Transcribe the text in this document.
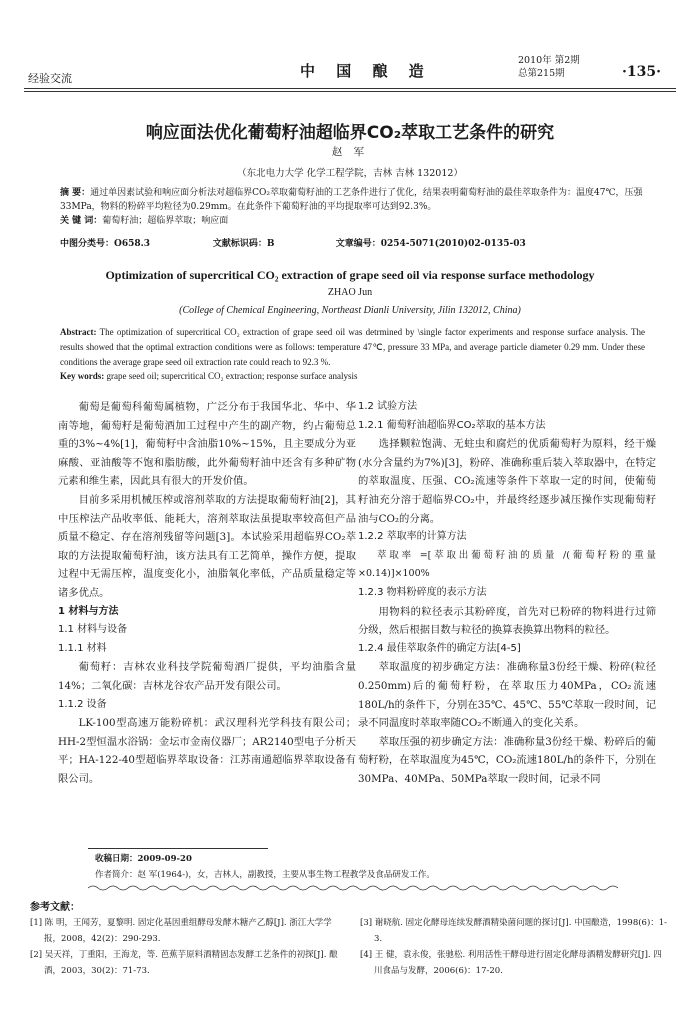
经验交流	中 国 酿 造
2010年 第2期
总第215期	·135·
响应面法优化葡萄籽油超临界CO₂萃取工艺条件的研究
赵 军
（东北电力大学 化学工程学院，吉林 吉林 132012）
摘 要：通过单因素试验和响应面分析法对超临界CO₂萃取葡萄籽油的工艺条件进行了优化，结果表明葡萄籽油的最佳萃取条件为：温度47℃，压强33MPa，物料的粉碎平均粒径为0.29mm。在此条件下葡萄籽油的平均提取率可达到92.3%。
关 键 词：葡萄籽油；超临界萃取；响应面
中图分类号：O658.3	文献标识码：B	文章编号：0254-5071(2010)02-0135-03
Optimization of supercritical CO₂ extraction of grape seed oil via response surface methodology
ZHAO Jun
(College of Chemical Engineering, Northeast Dianli University, Jilin 132012, China)
Abstract: The optimization of supercritical CO₂ extraction of grape seed oil was detrmined by \single factor experiments and response surface analysis. The results showed that the optimal extraction conditions were as follows: temperature 47℃, pressure 33 MPa, and average particle diameter 0.29 mm. Under these conditions the average grape seed oil extraction rate could reach to 92.3 %.
Key words: grape seed oil; supercritical CO₂ extraction; response surface analysis

葡萄是葡萄科葡萄属植物，广泛分布于我国华北、华中、华南等地，葡萄籽是葡萄酒加工过程中产生的副产物，约占葡萄总重的3%~4%[1]，葡萄籽中含油脂10%~15%，且主要成分为亚麻酸、亚油酸等不饱和脂肪酸，此外葡萄籽油中还含有多种矿物元素和维生素，因此具有很大的开发价值。

目前多采用机械压榨或溶剂萃取的方法提取葡萄籽油[2]，其中压榨法产品收率低、能耗大，溶剂萃取法虽提取率较高但产品质量不稳定、存在溶剂残留等问题[3]。本试验采用超临界CO₂萃取的方法提取葡萄籽油，该方法具有工艺简单，操作方便，提取过程中无需压榨，温度变化小，油脂氧化率低，产品质量稳定等诸多优点。

1 材料与方法

1.1 材料与设备

1.1.1 材料

葡萄籽：吉林农业科技学院葡萄酒厂提供，平均油脂含量14%；二氧化碳：吉林龙谷农产品开发有限公司。

1.1.2 设备

LK-100型高速万能粉碎机：武汉理科光学科技有限公司；HH-2型恒温水浴锅：金坛市金南仪器厂；AR2140型电子分析天平；HA-122-40型超临界萃取设备：江苏南通超临界萃取设备有限公司。

1.2 试验方法

1.2.1 葡萄籽油超临界CO₂萃取的基本方法

选择颗粒饱满、无蛀虫和腐烂的优质葡萄籽为原料，经干燥(水分含量约为7%)[3]，粉碎、准确称重后装入萃取器中，在特定的萃取温度、压强、CO₂流速等条件下萃取一定的时间，使葡萄籽油充分溶于超临界CO₂中，并最终经逐步减压操作实现葡萄籽油与CO₂的分离。

1.2.2 萃取率的计算方法

萃取率 =[萃取出葡萄籽油的质量 /(葡萄籽粉的重量×0.14)]×100%

1.2.3 物料粉碎度的表示方法

用物料的粒径表示其粉碎度，首先对已粉碎的物料进行过筛分级，然后根据目数与粒径的换算表换算出物料的粒径。

1.2.4 最佳萃取条件的确定方法[4-5]

萃取温度的初步确定方法：准确称量3份经干燥、粉碎(粒径0.250mm)后的葡萄籽粉，在萃取压力40MPa，CO₂流速180L/h的条件下，分别在35℃、45℃、55℃萃取一段时间，记录不同温度时萃取率随CO₂不断通入的变化关系。

萃取压强的初步确定方法：准确称量3份经干燥、粉碎后的葡萄籽粉，在萃取温度为45℃，CO₂流速180L/h的条件下，分别在30MPa、40MPa、50MPa萃取一段时间，记录不同

收稿日期：2009-09-20
作者简介：赵 军(1964-)，女，吉林人，副教授，主要从事生物工程教学及食品研发工作。
参考文献：

[1] 陈 明，王闻芳，夏黎明. 固定化基因重组酵母发酵木糖产乙醇[J]. 浙江大学学报，2008，42(2)：290-293.

[2] 吴天祥，丁重阳，王海龙，等. 芭蕉芋原料酒精固态发酵工艺条件的初探[J]. 酿酒，2003，30(2)：71-73.

[3] 谢晓航. 固定化酵母连续发酵酒精染菌问题的探讨[J]. 中国酿造，1998(6)：1-3.

[4] 王 健，袁永俊，张驰松. 利用活性干酵母进行固定化酵母酒精发酵研究[J]. 四川食品与发酵，2006(6)：17-20.
